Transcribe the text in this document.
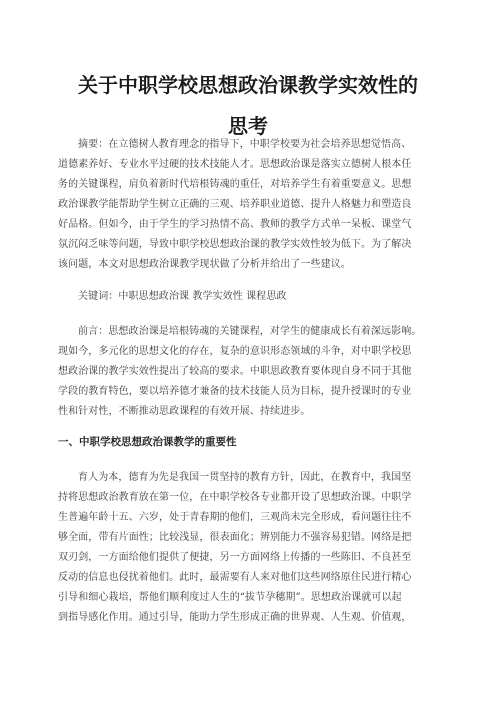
关于中职学校思想政治课教学实效性的
思考
摘要：在立德树人教育理念的指导下，中职学校要为社会培养思想觉悟高、
道德素养好、专业水平过硬的技术技能人才。思想政治课是落实立德树人根本任
务的关键课程，肩负着新时代培根铸魂的重任，对培养学生有着重要意义。思想
政治课教学能帮助学生树立正确的三观、培养职业道德、提升人格魅力和塑造良
好品格。但如今，由于学生的学习热情不高、教师的教学方式单一呆板、课堂气
氛沉闷乏味等问题，导致中职学校思想政治课的教学实效性较为低下。为了解决
该问题，本文对思想政治课教学现状做了分析并给出了一些建议。
关键词：中职思想政治课 教学实效性 课程思政
前言：思想政治课是培根铸魂的关键课程，对学生的健康成长有着深远影响。
现如今，多元化的思想文化的存在，复杂的意识形态领域的斗争，对中职学校思
想政治课的教学实效性提出了较高的要求。中职思政教育要体现自身不同于其他
学段的教育特色，要以培养德才兼备的技术技能人员为目标，提升授课时的专业
性和针对性，不断推动思政课程的有效开展、持续进步。
一、中职学校思想政治课教学的重要性
育人为本，德育为先是我国一贯坚持的教育方针，因此，在教育中，我国坚
持将思想政治教育放在第一位，在中职学校各专业都开设了思想政治课。中职学
生普遍年龄十五、六岁，处于青春期的他们，三观尚未完全形成，看问题往往不
够全面，带有片面性；比较浅显，很表面化；辨别能力不强容易犯错。网络是把
双刃剑，一方面给他们提供了便捷，另一方面网络上传播的一些陈旧、不良甚至
反动的信息也侵扰着他们。此时，最需要有人来对他们这些网络原住民进行精心
引导和细心栽培，帮他们顺利度过人生的“拔节孕穗期”。思想政治课就可以起
到指导感化作用。通过引导，能助力学生形成正确的世界观、人生观、价值观，
